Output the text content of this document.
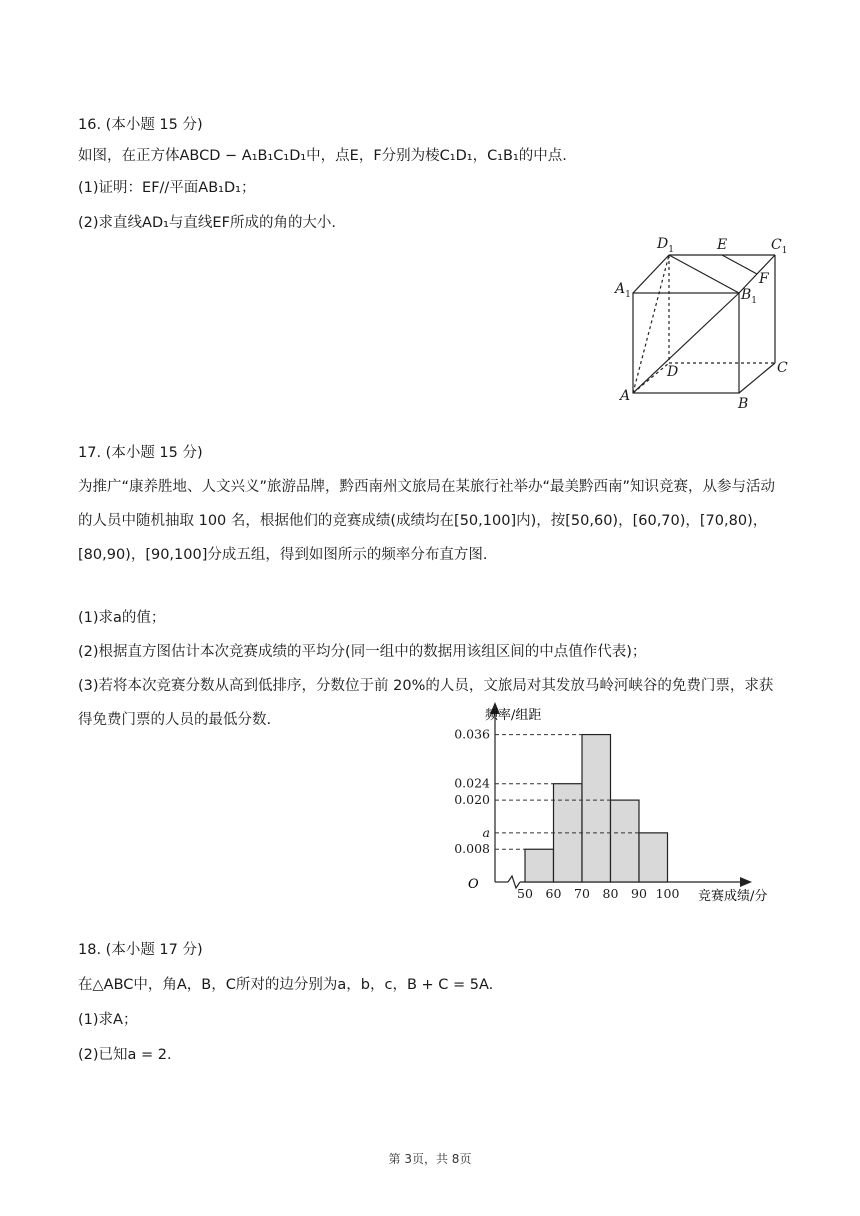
16. (本小题 15 分)
如图，在正方体ABCD − A₁B₁C₁D₁中，点E，F分别为棱C₁D₁，C₁B₁的中点.
(1)证明：EF//平面AB₁D₁；
(2)求直线AD₁与直线EF所成的角的大小.
$D_1$	E	$C_1$
F
$A_1$	$B_1$
D	C
A	B
17. (本小题 15 分)
为推广“康养胜地、人文兴义”旅游品牌，黔西南州文旅局在某旅行社举办“最美黔西南”知识竞赛，从参与活动的人员中随机抽取 100 名，根据他们的竞赛成绩(成绩均在[50,100]内)，按[50,60)，[60,70)，[70,80)，[80,90)，[90,100]分成五组，得到如图所示的频率分布直方图.
(1)求a的值；
(2)根据直方图估计本次竞赛成绩的平均分(同一组中的数据用该组区间的中点值作代表)；
(3)若将本次竞赛分数从高到低排序，分数位于前 20%的人员，文旅局对其发放马岭河峡谷的免费门票，求获得免费门票的人员的最低分数.	频率/组距
竞赛成绩/分
O
0.036
0.024
0.020
a
0.008
50 60 70 80 90 100
18. (本小题 17 分)
在△ABC中，角A，B，C所对的边分别为a，b，c，B + C = 5A.
(1)求A；
(2)已知a = 2.
第 3页，共 8页
